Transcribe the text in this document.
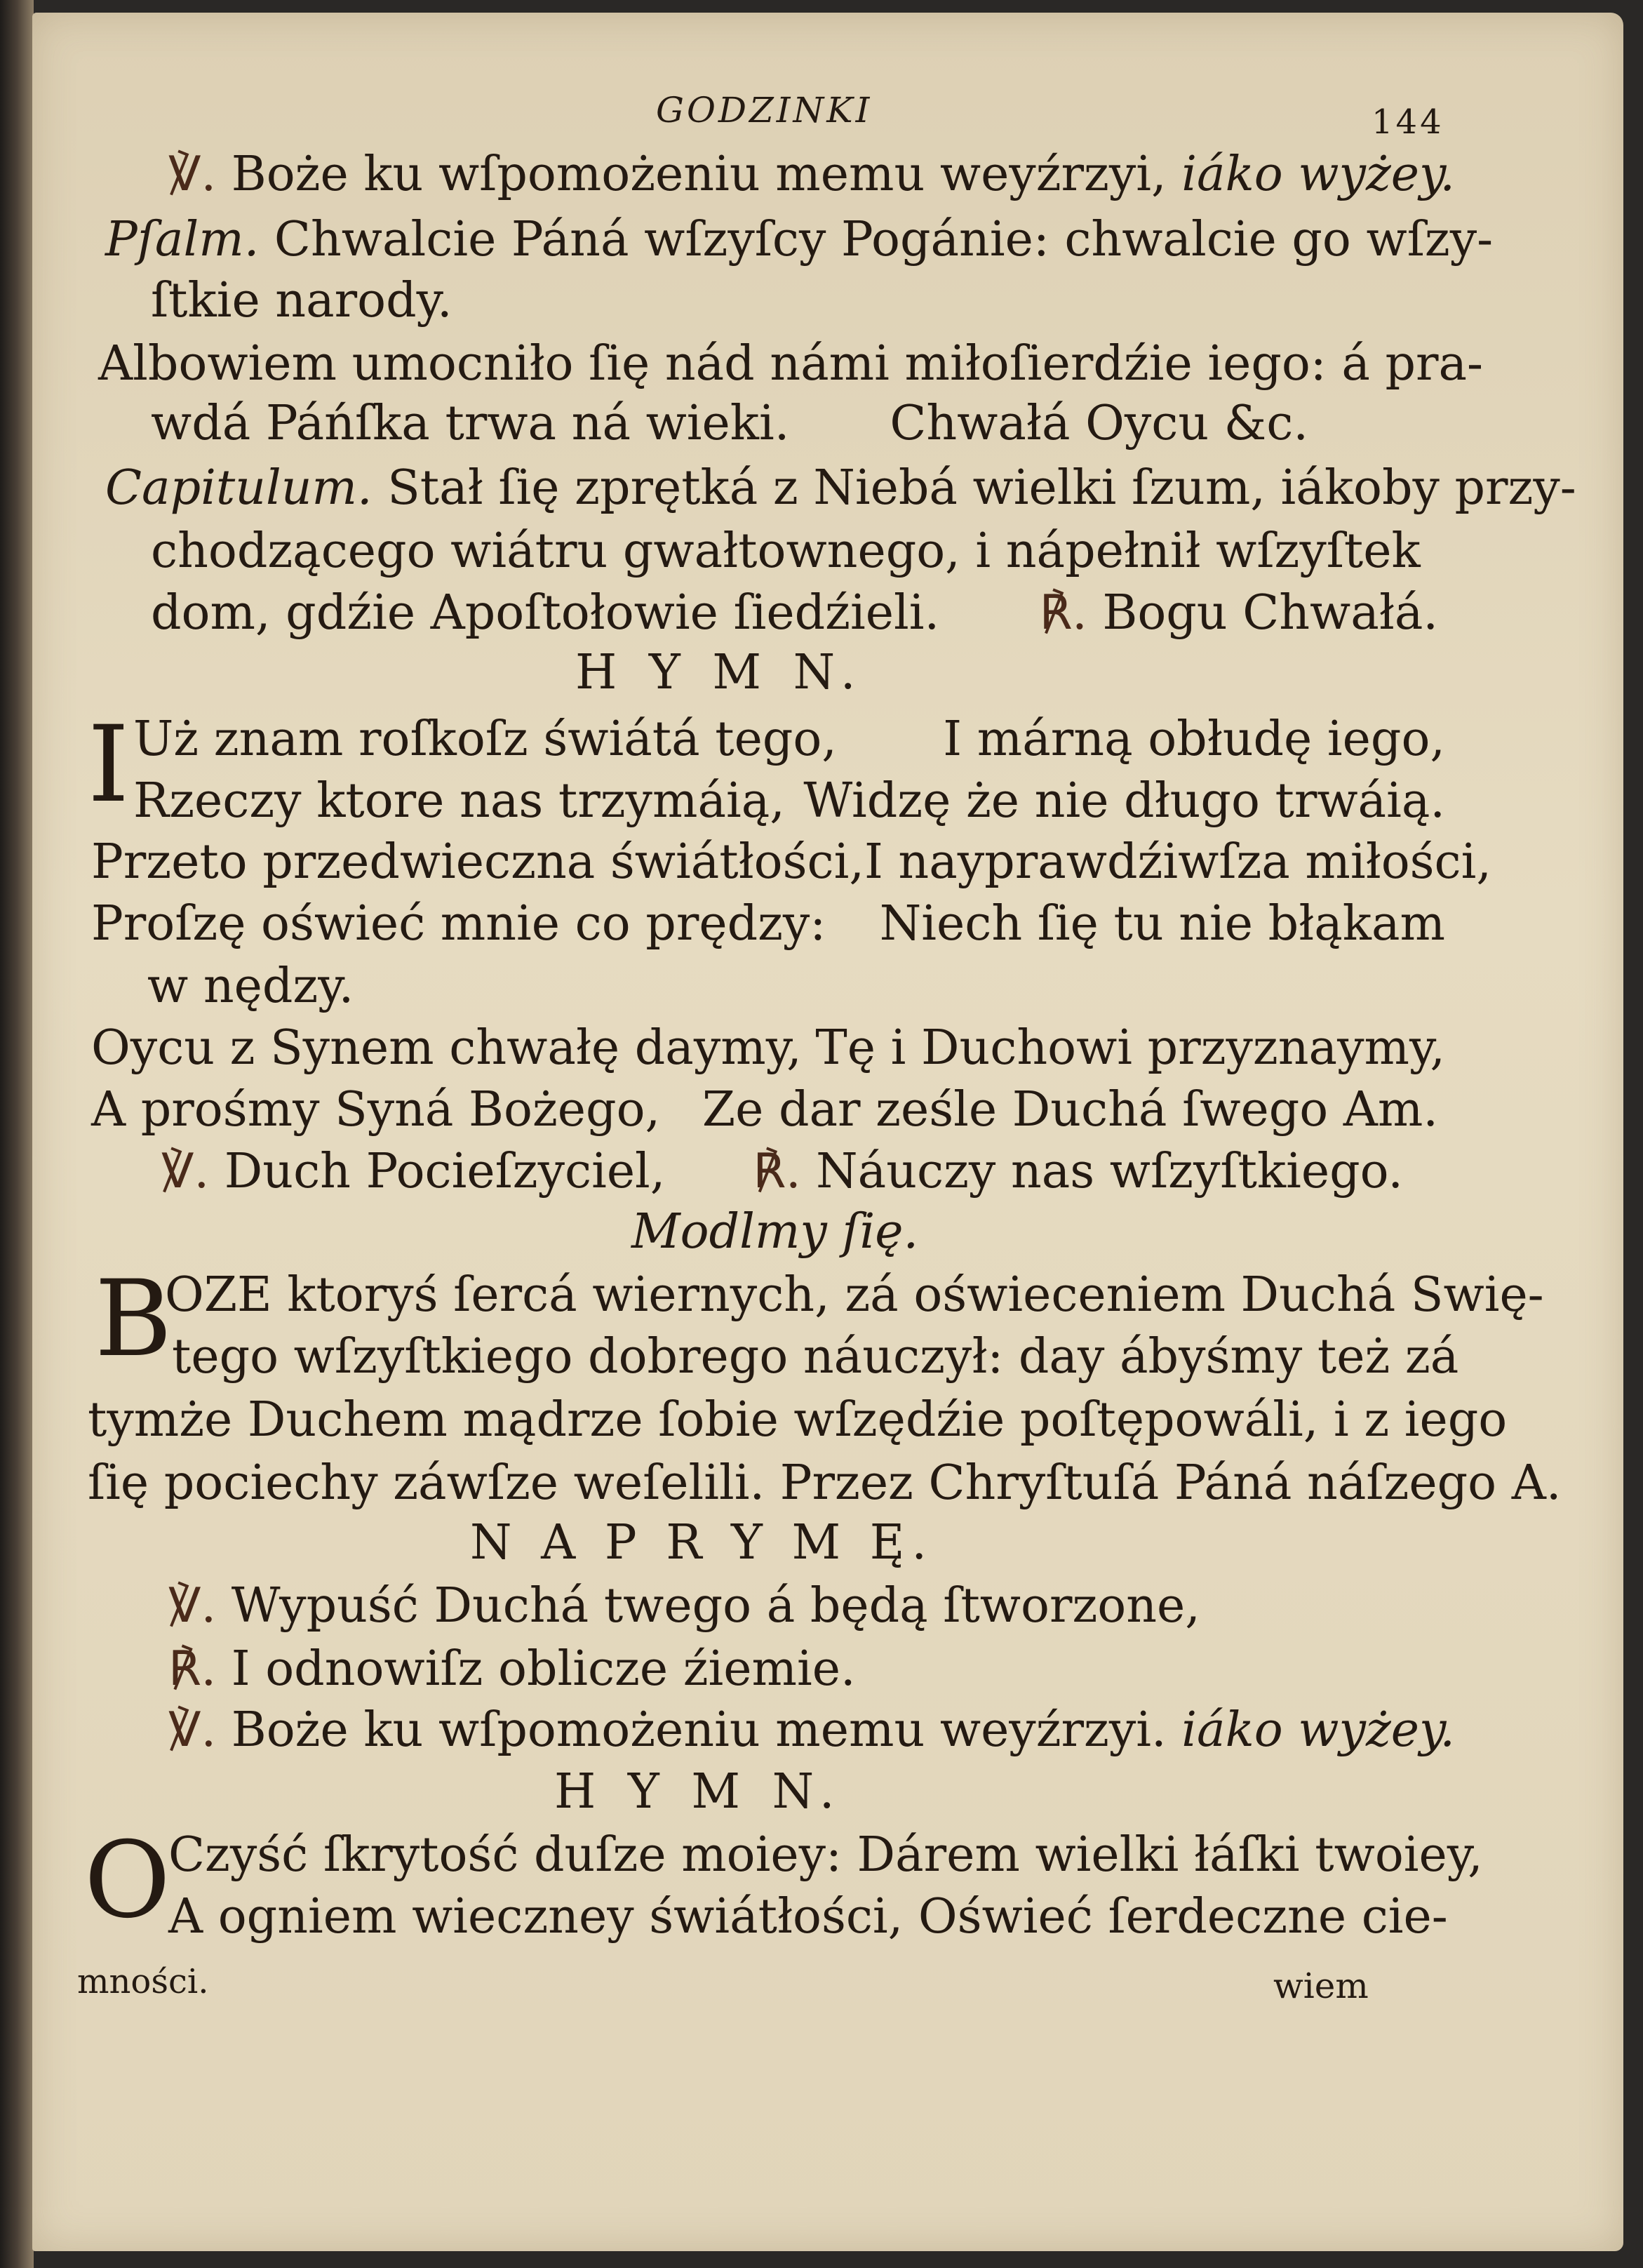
GODZINKI	144
℣. Boże ku wſpomożeniu memu weyźrzyi, iáko wyżey.
Pſalm. Chwalcie Páná wſzyſcy Pogánie: chwalcie go wſzy-
ſtkie narody.
Albowiem umocniło ſię nád námi miłoſierdźie iego: á pra-
wdá Páńſka trwa ná wieki. Chwałá Oycu &c.
Capitulum. Stał ſię zprętká z Niebá wielki ſzum, iákoby przy-
chodzącego wiátru gwałtownego, i nápełnił wſzyſtek
dom, gdźie Apoſtołowie ſiedźieli. ℟. Bogu Chwałá.
H Y M N.
I Uż znam roſkoſz świátá tego, I márną obłudę iego,
Rzeczy ktore nas trzymáią, Widzę że nie długo trwáią.
Przeto przedwieczna świátłości, I nayprawdźiwſza miłości,
Proſzę oświeć mnie co prędzy: Niech ſię tu nie błąkam
w nędzy.
Oycu z Synem chwałę daymy, Tę i Duchowi przyznaymy,
A prośmy Syná Bożego, Ze dar ześle Duchá ſwego Am.
℣. Duch Pocieſzyciel, ℟. Náuczy nas wſzyſtkiego.
Modlmy ſię.
B
OZE ktoryś ſercá wiernych, zá oświeceniem Duchá Swię-
tego wſzyſtkiego dobrego náuczył: day ábyśmy też zá
tymże Duchem mądrze ſobie wſzędźie poſtępowáli, i z iego
ſię pociechy záwſze weſelili. Przez Chryſtuſá Páná náſzego A.
N A P R Y M Ę.
℣. Wypuść Duchá twego á będą ſtworzone,
℟. I odnowiſz oblicze źiemie.
℣. Boże ku wſpomożeniu memu weyźrzyi. iáko wyżey.
H Y M N.
O
Czyść ſkrytość duſze moiey: Dárem wielki łáſki twoiey,
A ogniem wieczney świátłości, Oświeć ſerdeczne cie-
mności.	wiem
